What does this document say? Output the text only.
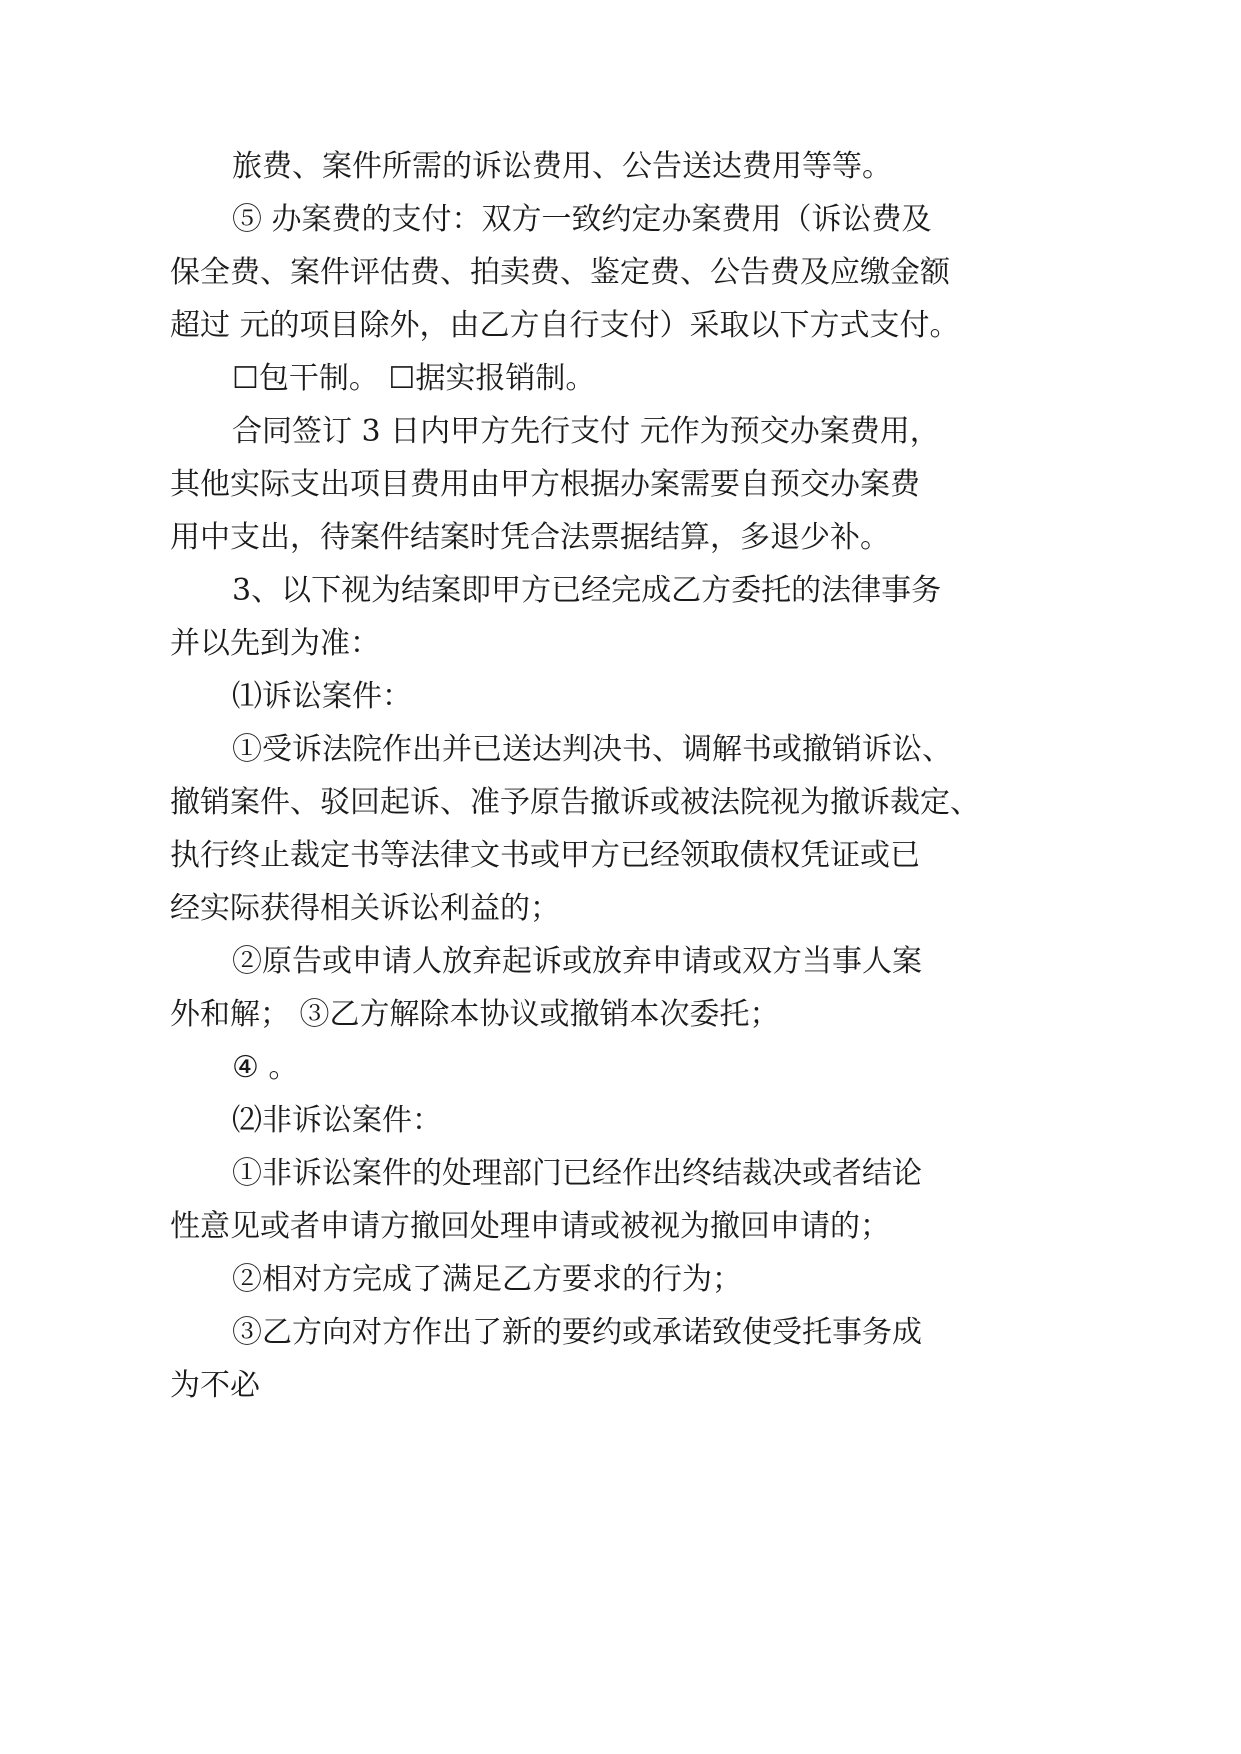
旅费、案件所需的诉讼费用、公告送达费用等等。
⑤ 办案费的支付：双方一致约定办案费用（诉讼费及
保全费、案件评估费、拍卖费、鉴定费、公告费及应缴金额
超过 元的项目除外，由乙方自行支付）采取以下方式支付。
☐包干制。 ☐据实报销制。
合同签订 3 日内甲方先行支付 元作为预交办案费用，
其他实际支出项目费用由甲方根据办案需要自预交办案费
用中支出，待案件结案时凭合法票据结算，多退少补。
3、以下视为结案即甲方已经完成乙方委托的法律事务
并以先到为准：
⑴诉讼案件：
①受诉法院作出并已送达判决书、调解书或撤销诉讼、
撤销案件、驳回起诉、准予原告撤诉或被法院视为撤诉裁定、
执行终止裁定书等法律文书或甲方已经领取债权凭证或已
经实际获得相关诉讼利益的；
②原告或申请人放弃起诉或放弃申请或双方当事人案
外和解； ③乙方解除本协议或撤销本次委托；
④ 。
⑵非诉讼案件：
①非诉讼案件的处理部门已经作出终结裁决或者结论
性意见或者申请方撤回处理申请或被视为撤回申请的；
②相对方完成了满足乙方要求的行为；
③乙方向对方作出了新的要约或承诺致使受托事务成
为不必
